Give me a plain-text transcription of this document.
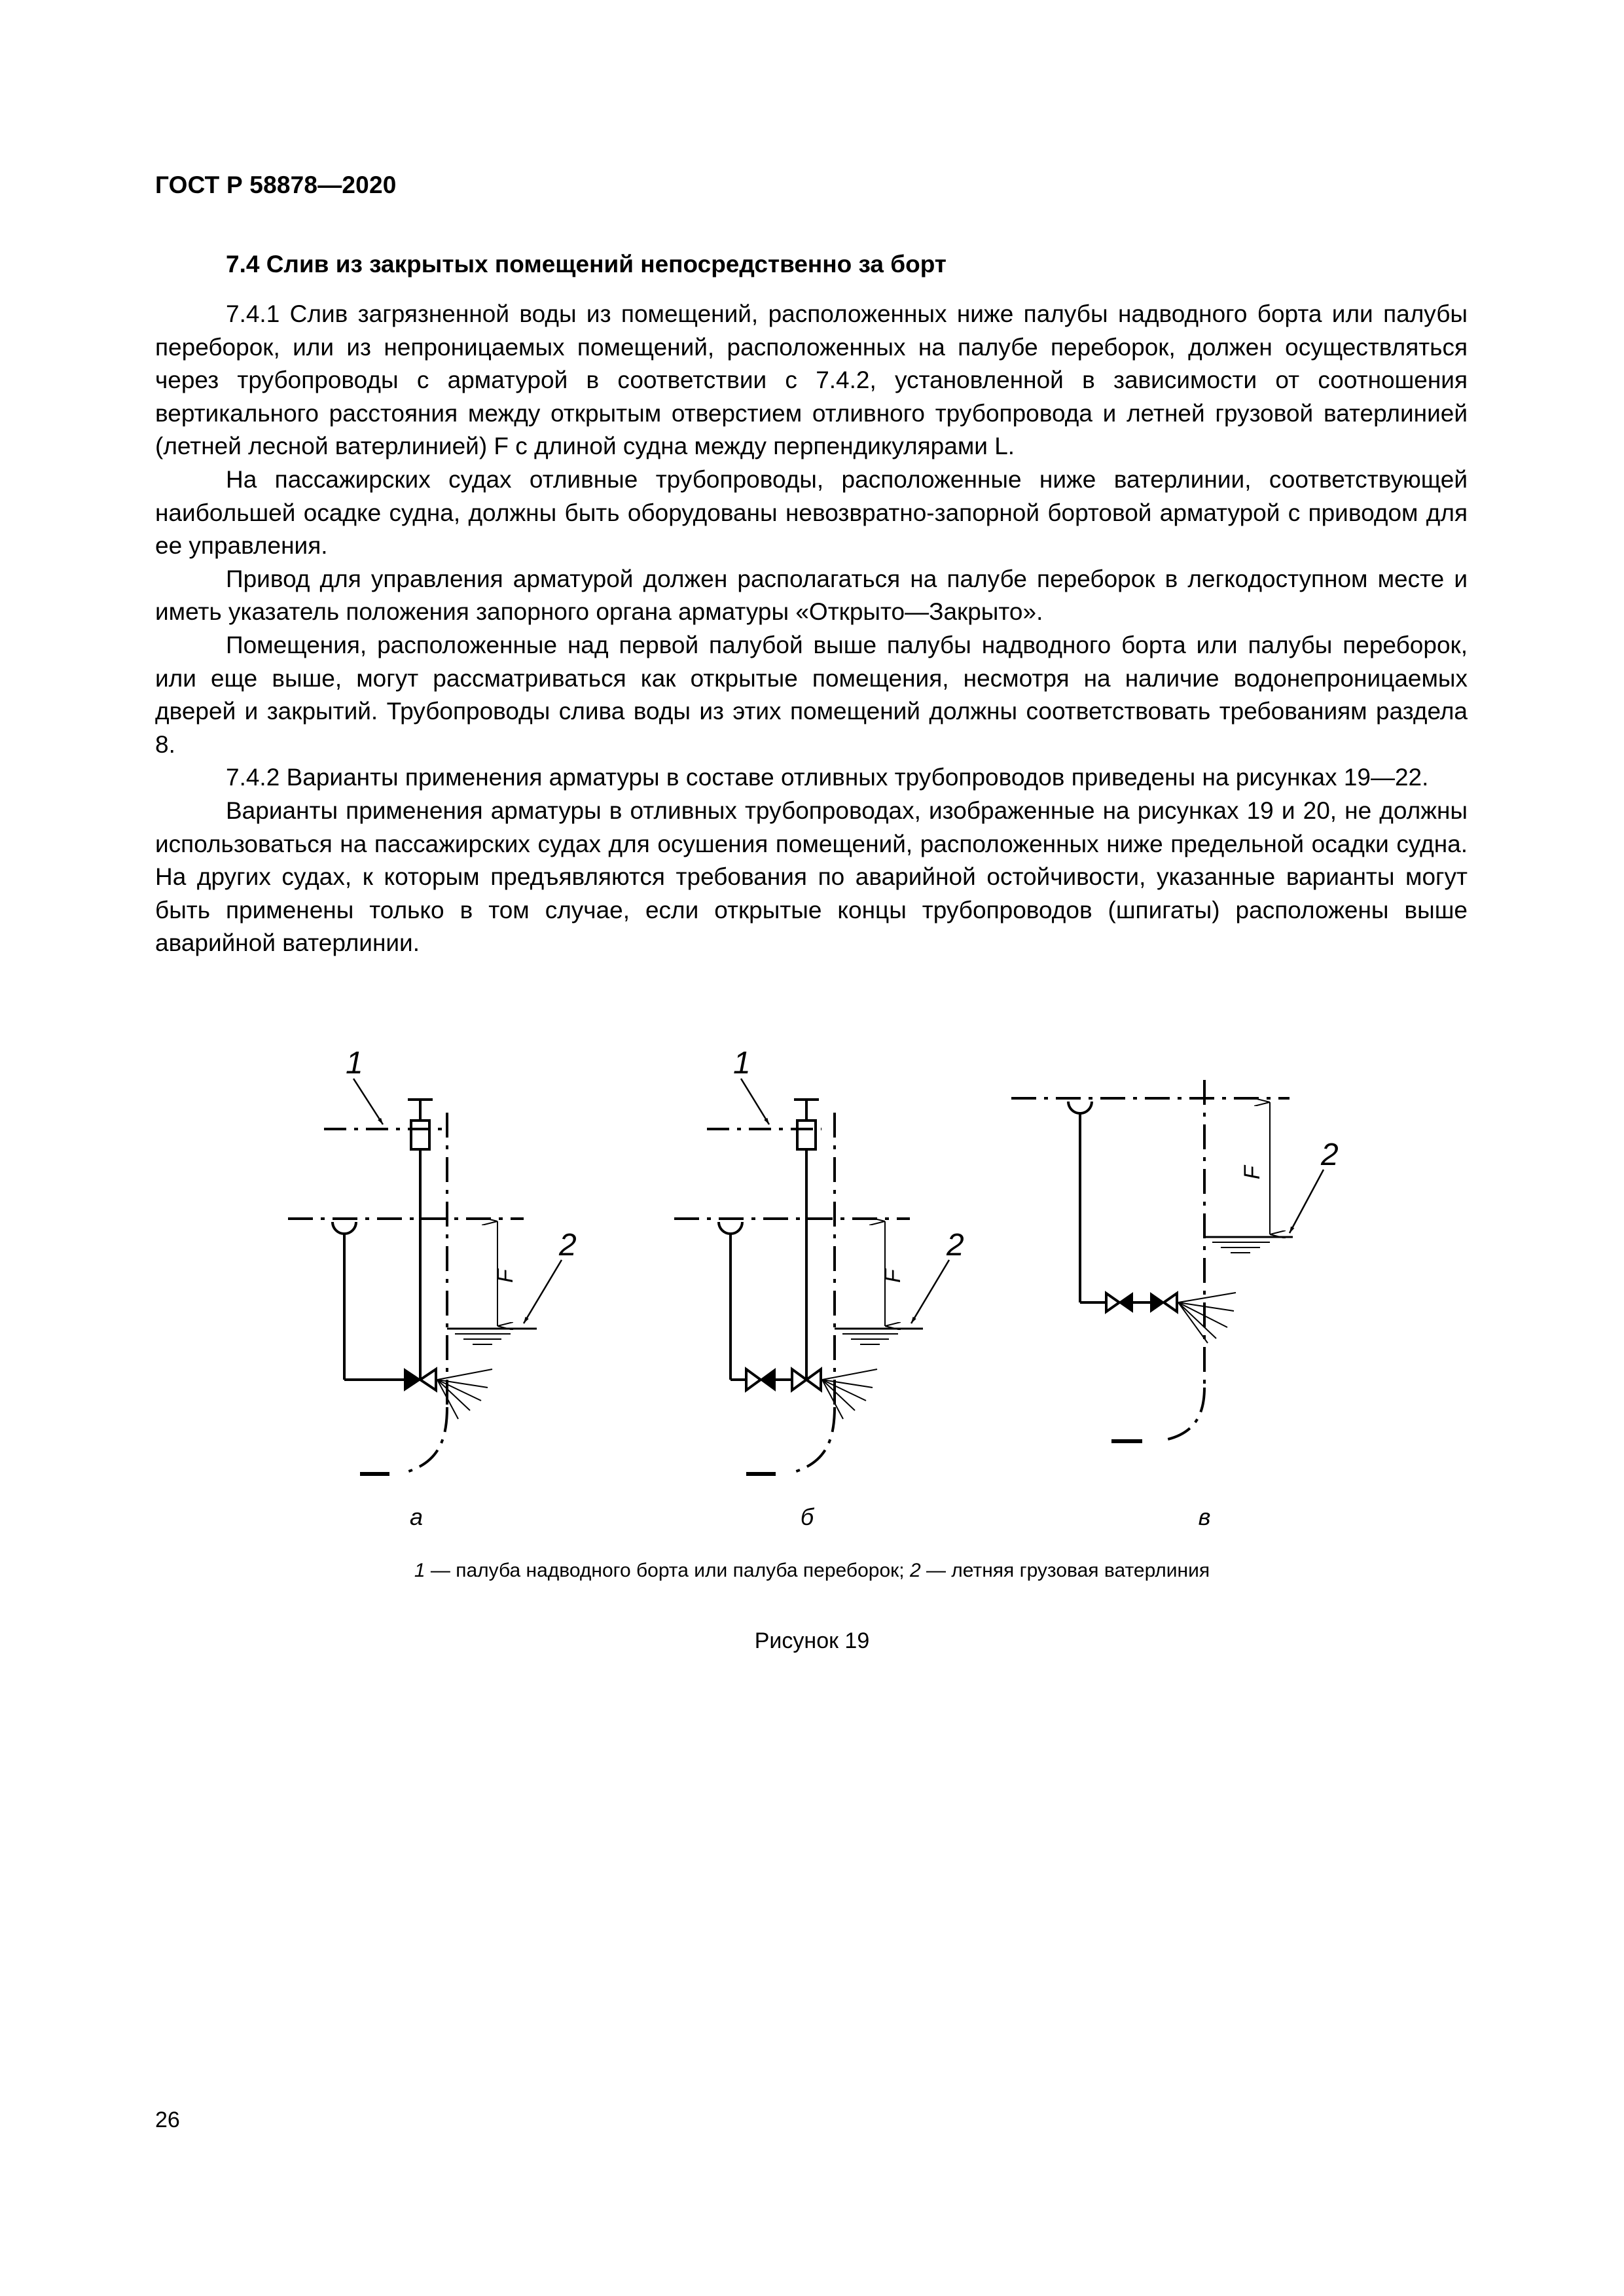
ГОСТ Р 58878—2020
7.4 Слив из закрытых помещений непосредственно за борт

7.4.1 Слив загрязненной воды из помещений, расположенных ниже палубы надводного борта или палубы переборок, или из непроницаемых помещений, расположенных на палубе переборок, должен осуществляться через трубопроводы с арматурой в соответствии с 7.4.2, установленной в зависимости от соотношения вертикального расстояния между открытым отверстием отливного трубопровода и летней грузовой ватерлинией (летней лесной ватерлинией) F с длиной судна между перпендикулярами L.

На пассажирских судах отливные трубопроводы, расположенные ниже ватерлинии, соответствующей наибольшей осадке судна, должны быть оборудованы невозвратно-запорной бортовой арматурой с приводом для ее управления.

Привод для управления арматурой должен располагаться на палубе переборок в легкодоступном месте и иметь указатель положения запорного органа арматуры «Открыто—Закрыто».

Помещения, расположенные над первой палубой выше палубы надводного борта или палубы переборок, или еще выше, могут рассматриваться как открытые помещения, несмотря на наличие водонепроницаемых дверей и закрытий. Трубопроводы слива воды из этих помещений должны соответствовать требованиям раздела 8.

7.4.2 Варианты применения арматуры в составе отливных трубопроводов приведены на рисунках 19—22.

Варианты применения арматуры в отливных трубопроводах, изображенные на рисунках 19 и 20, не должны использоваться на пассажирских судах для осушения помещений, расположенных ниже предельной осадки судна. На других судах, к которым предъявляются требования по аварийной остойчивости, указанные варианты могут быть применены только в том случае, если открытые концы трубопроводов (шпигаты) расположены выше аварийной ватерлинии.

1
F
2
1
F
2
F
2
а	б	в
1 — палуба надводного борта или палуба переборок; 2 — летняя грузовая ватерлиния
Рисунок 19
26
